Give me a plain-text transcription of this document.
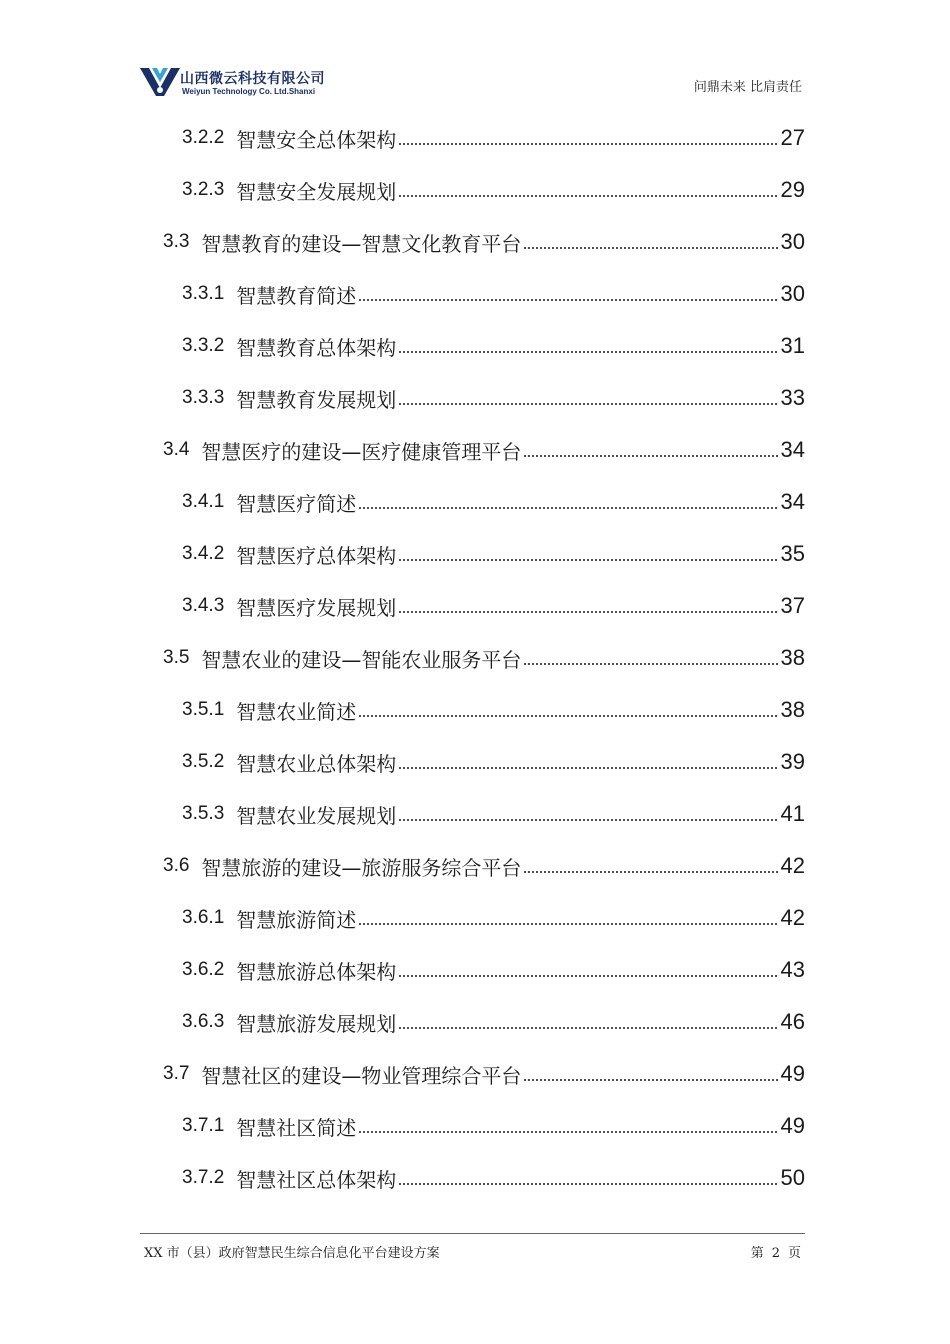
山西微云科技有限公司
Weiyun Technology Co. Ltd.Shanxi	问鼎未来 比肩责任
3.2.2 智慧安全总体架构	27
3.2.3 智慧安全发展规划	29
3.3 智慧教育的建设—智慧文化教育平台	30
3.3.1 智慧教育简述	30
3.3.2 智慧教育总体架构	31
3.3.3 智慧教育发展规划	33
3.4 智慧医疗的建设—医疗健康管理平台	34
3.4.1 智慧医疗简述	34
3.4.2 智慧医疗总体架构	35
3.4.3 智慧医疗发展规划	37
3.5 智慧农业的建设—智能农业服务平台	38
3.5.1 智慧农业简述	38
3.5.2 智慧农业总体架构	39
3.5.3 智慧农业发展规划	41
3.6 智慧旅游的建设—旅游服务综合平台	42
3.6.1 智慧旅游简述	42
3.6.2 智慧旅游总体架构	43
3.6.3 智慧旅游发展规划	46
3.7 智慧社区的建设—物业管理综合平台	49
3.7.1 智慧社区简述	49
3.7.2 智慧社区总体架构	50
XX 市（县）政府智慧民生综合信息化平台建设方案	第 2 页
